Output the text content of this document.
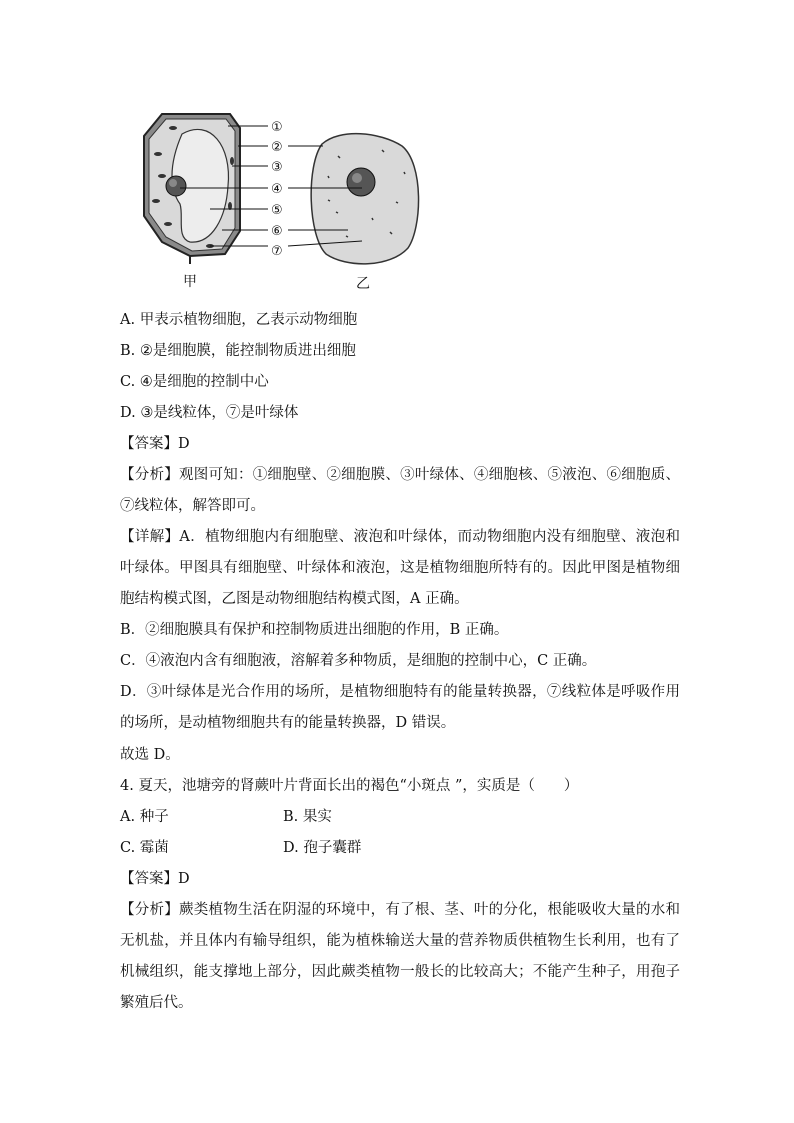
①
②
③
④
⑤
⑥
⑦
甲	乙

A. 甲表示植物细胞，乙表示动物细胞

B. ②是细胞膜，能控制物质进出细胞

C. ④是细胞的控制中心

D. ③是线粒体，⑦是叶绿体

【答案】D

【分析】观图可知：①细胞壁、②细胞膜、③叶绿体、④细胞核、⑤液泡、⑥细胞质、⑦线粒体，解答即可。

【详解】A．植物细胞内有细胞壁、液泡和叶绿体，而动物细胞内没有细胞壁、液泡和叶绿体。甲图具有细胞壁、叶绿体和液泡，这是植物细胞所特有的。因此甲图是植物细胞结构模式图，乙图是动物细胞结构模式图，A 正确。

B．②细胞膜具有保护和控制物质进出细胞的作用，B 正确。

C．④液泡内含有细胞液，溶解着多种物质，是细胞的控制中心，C 正确。

D．③叶绿体是光合作用的场所，是植物细胞特有的能量转换器，⑦线粒体是呼吸作用的场所，是动植物细胞共有的能量转换器，D 错误。

故选 D。

4. 夏天，池塘旁的肾蕨叶片背面长出的褐色“小斑点 ”，实质是（　　）

A. 种子	B. 果实
C. 霉菌	D. 孢子囊群

【答案】D

【分析】蕨类植物生活在阴湿的环境中，有了根、茎、叶的分化，根能吸收大量的水和无机盐，并且体内有输导组织，能为植株输送大量的营养物质供植物生长利用，也有了机械组织，能支撑地上部分，因此蕨类植物一般长的比较高大；不能产生种子，用孢子繁殖后代。
